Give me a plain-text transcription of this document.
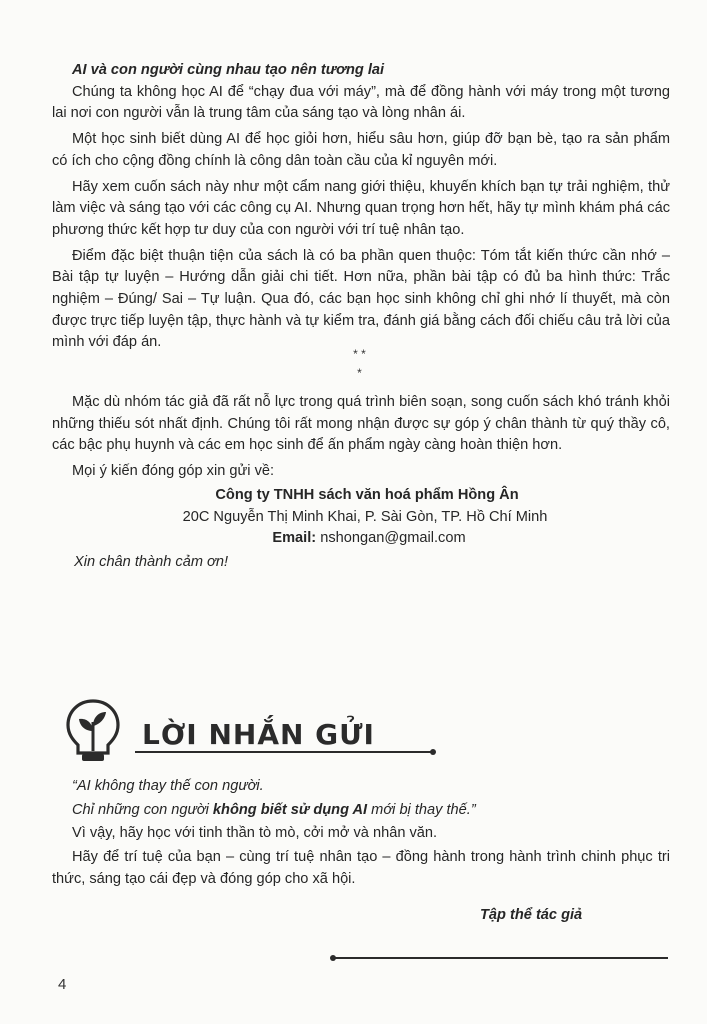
AI và con người cùng nhau tạo nên tương lai

Chúng ta không học AI để “chạy đua với máy”, mà để đồng hành với máy trong một tương lai nơi con người vẫn là trung tâm của sáng tạo và lòng nhân ái.

Một học sinh biết dùng AI để học giỏi hơn, hiểu sâu hơn, giúp đỡ bạn bè, tạo ra sản phẩm có ích cho cộng đồng chính là công dân toàn cầu của kỉ nguyên mới.

Hãy xem cuốn sách này như một cẩm nang giới thiệu, khuyến khích bạn tự trải nghiệm, thử làm việc và sáng tạo với các công cụ AI. Nhưng quan trọng hơn hết, hãy tự mình khám phá các phương thức kết hợp tư duy của con người với trí tuệ nhân tạo.

Điểm đặc biệt thuận tiện của sách là có ba phần quen thuộc: Tóm tắt kiến thức cần nhớ – Bài tập tự luyện – Hướng dẫn giải chi tiết. Hơn nữa, phần bài tập có đủ ba hình thức: Trắc nghiệm – Đúng/ Sai – Tự luận. Qua đó, các bạn học sinh không chỉ ghi nhớ lí thuyết, mà còn được trực tiếp luyện tập, thực hành và tự kiểm tra, đánh giá bằng cách đối chiếu câu trả lời của mình với đáp án.

* *
*

Mặc dù nhóm tác giả đã rất nỗ lực trong quá trình biên soạn, song cuốn sách khó tránh khỏi những thiếu sót nhất định. Chúng tôi rất mong nhận được sự góp ý chân thành từ quý thầy cô, các bậc phụ huynh và các em học sinh để ấn phẩm ngày càng hoàn thiện hơn.

Mọi ý kiến đóng góp xin gửi về:

Công ty TNHH sách văn hoá phẩm Hồng Ân

20C Nguyễn Thị Minh Khai, P. Sài Gòn, TP. Hồ Chí Minh

Email: nshongan@gmail.com

Xin chân thành cảm ơn!

LỜI NHẮN GỬI

“AI không thay thế con người.

Chỉ những con người không biết sử dụng AI mới bị thay thế.”

Vì vậy, hãy học với tinh thần tò mò, cởi mở và nhân văn.

Hãy để trí tuệ của bạn – cùng trí tuệ nhân tạo – đồng hành trong hành trình chinh phục tri thức, sáng tạo cái đẹp và đóng góp cho xã hội.

Tập thể tác giả
4
